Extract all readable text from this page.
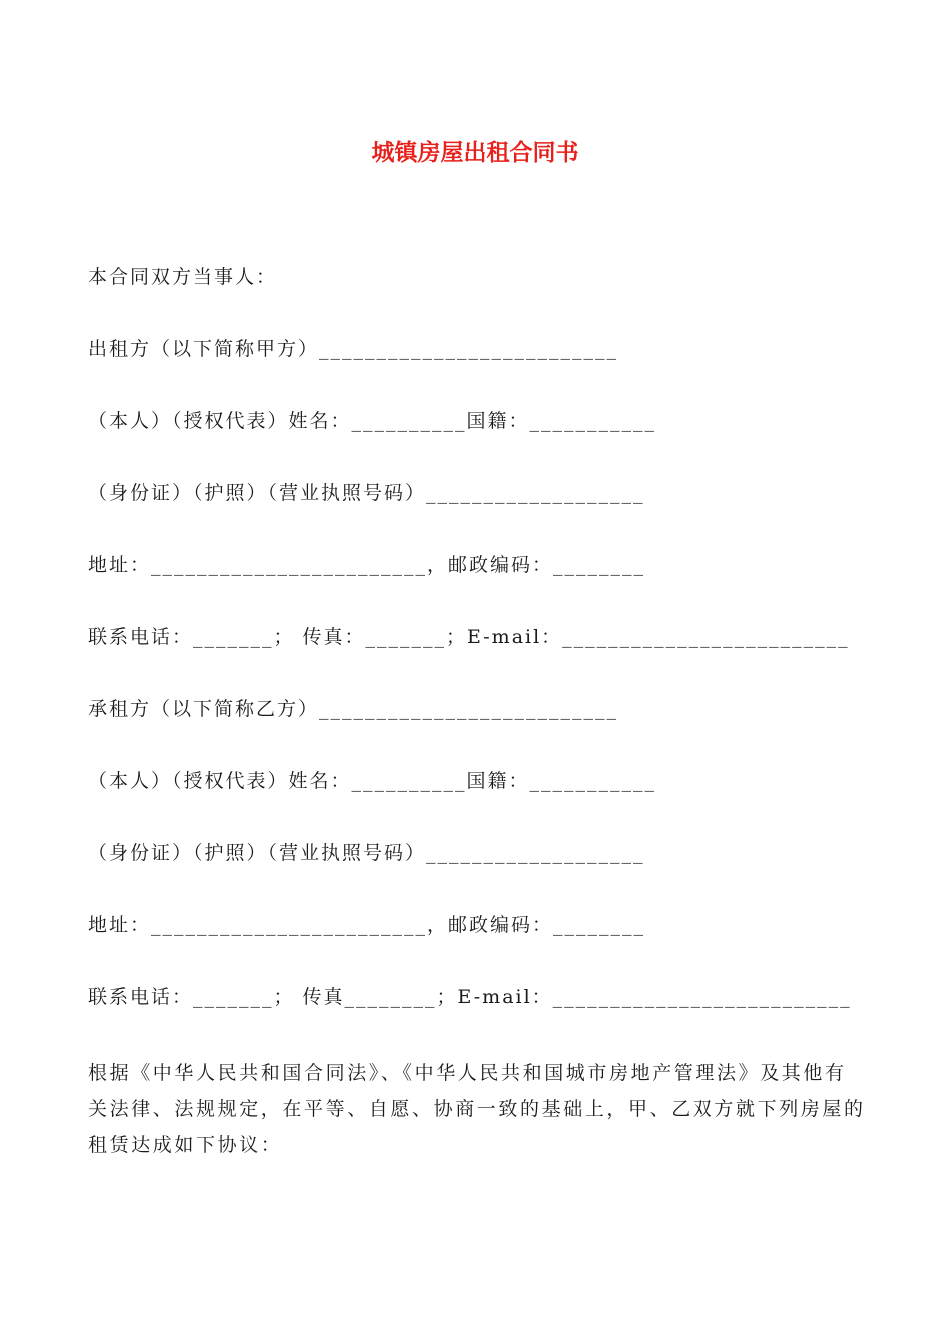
城镇房屋出租合同书
本合同双方当事人：
出租方（以下简称甲方）__________________________
（本人）（授权代表）姓名：__________国籍：___________
（身份证）（护照）（营业执照号码）___________________
地址：________________________，邮政编码：________
联系电话：_______； 传真：_______；E-mail：_________________________
承租方（以下简称乙方）__________________________
（本人）（授权代表）姓名：__________国籍：___________
（身份证）（护照）（营业执照号码）___________________
地址：________________________，邮政编码：________
联系电话：_______； 传真________；E-mail：__________________________
根据《中华人民共和国合同法》、《中华人民共和国城市房地产管理法》及其他有关法律、法规规定，在平等、自愿、协商一致的基础上，甲、乙双方就下列房屋的租赁达成如下协议：
